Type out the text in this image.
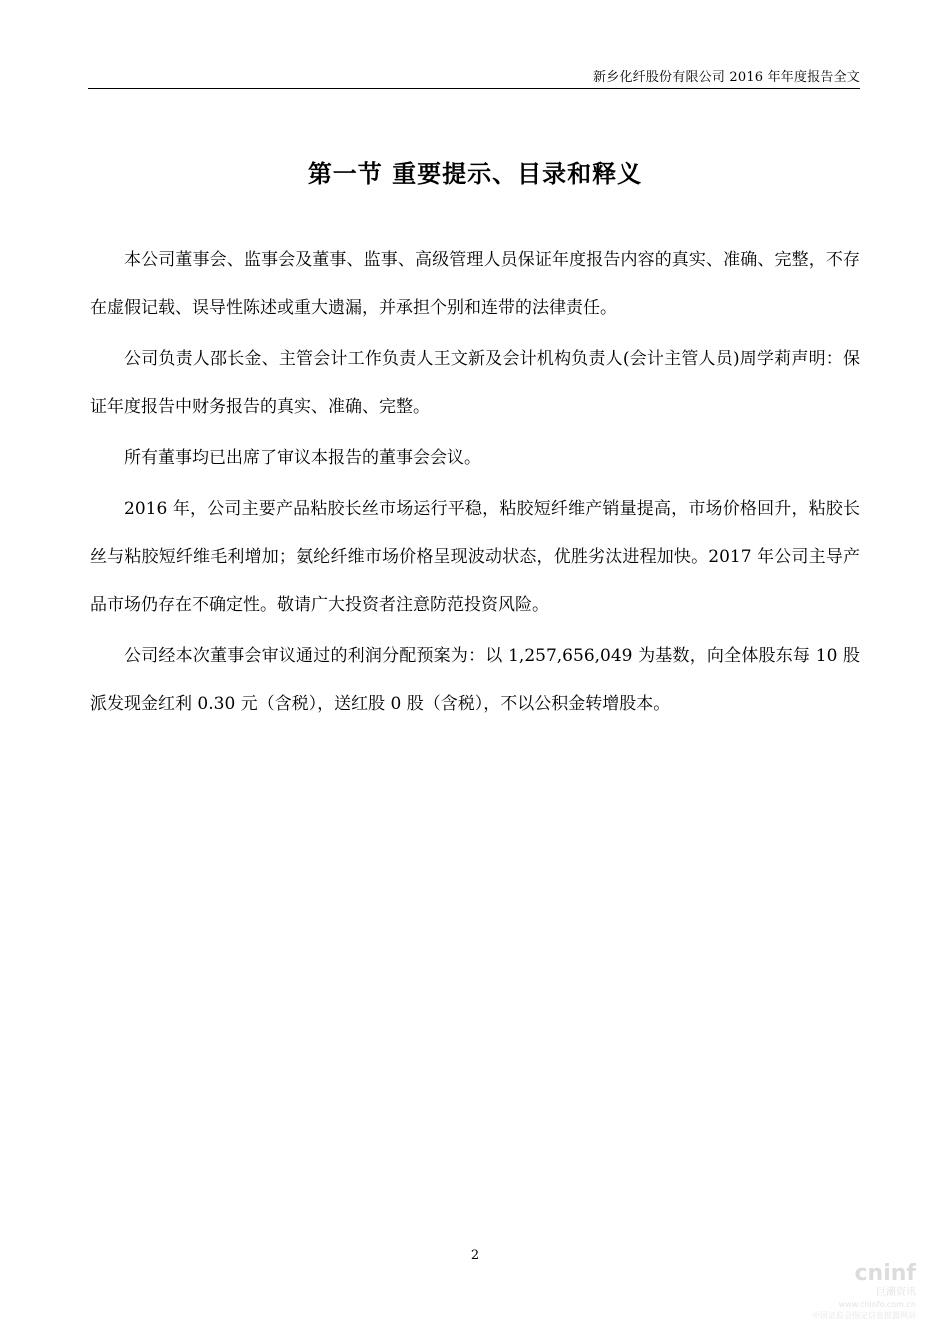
新乡化纤股份有限公司 2016 年年度报告全文
第一节 重要提示、目录和释义

本公司董事会、监事会及董事、监事、高级管理人员保证年度报告内容的真实、准确、完整，不存在虚假记载、误导性陈述或重大遗漏，并承担个别和连带的法律责任。

公司负责人邵长金、主管会计工作负责人王文新及会计机构负责人(会计主管人员)周学莉声明：保证年度报告中财务报告的真实、准确、完整。

所有董事均已出席了审议本报告的董事会会议。

2016 年，公司主要产品粘胶长丝市场运行平稳，粘胶短纤维产销量提高，市场价格回升，粘胶长丝与粘胶短纤维毛利增加；氨纶纤维市场价格呈现波动状态，优胜劣汰进程加快。2017 年公司主导产品市场仍存在不确定性。敬请广大投资者注意防范投资风险。

公司经本次董事会审议通过的利润分配预案为：以 1,257,656,049 为基数，向全体股东每 10 股派发现金红利 0.30 元（含税），送红股 0 股（含税），不以公积金转增股本。

2
cninf
巨潮资讯
www.cninfo.com.cn
中国证监会指定信息披露网站
